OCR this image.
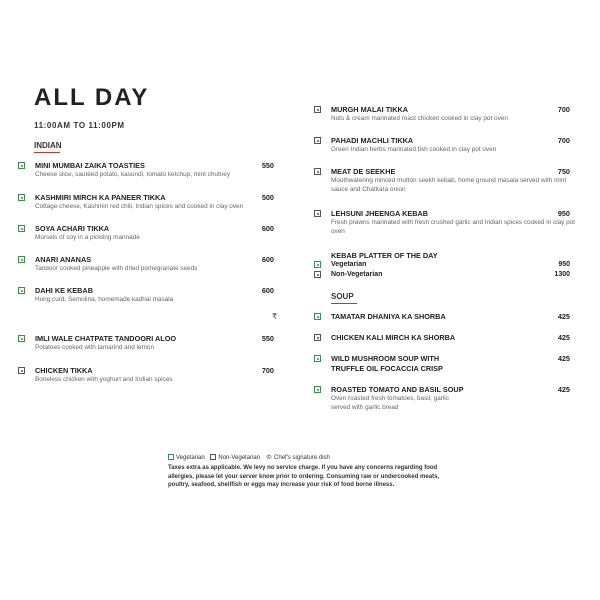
ALL DAY
11:00AM TO 11:00PM
INDIAN
MINI MUMBAI ZAIKA TOASTIES	550
Cheese slice, sautéed potato, kasundi, tomato ketchup, mint chutney
KASHMIRI MIRCH KA PANEER TIKKA	500
Cottage cheese, Kashmiri red chili, Indian spices and cooked in clay oven
SOYA ACHARI TIKKA	600
Morsels of soy in a pickling marinade
ANARI ANANAS	600
Tandoor cooked pineapple with dried pomegranate seeds
DAHI KE KEBAB	600
Hung curd, Semolina, homemade kadhai masala
₹
IMLI WALE CHATPATE TANDOORI ALOO	550
Potatoes cooked with tamarind and lemon
CHICKEN TIKKA	700
Boneless chicken with yoghurt and Indian spices
MURGH MALAI TIKKA	700
Nuts & cream marinated roast chicken cooked in clay pot oven
PAHADI MACHLI TIKKA	700
Green Indian herbs marinated fish cooked in clay pot oven
MEAT DE SEEKHE	750
Mouthwatering minced mutton seekh kebab, home ground masala served with mint sauce and Chatkara onion
LEHSUNI JHEENGA KEBAB	950
Fresh prawns marinated with fresh crushed garlic and Indian spices cooked in clay pot oven
KEBAB PLATTER OF THE DAY
Vegetarian	950
Non-Vegetarian	1300
SOUP
TAMATAR DHANIYA KA SHORBA	425
CHICKEN KALI MIRCH KA SHORBA	425
WILD MUSHROOM SOUP WITH
TRUFFLE OIL FOCACCIA CRISP
425
ROASTED TOMATO AND BASIL SOUP	425
Oven roasted fresh tomatoes, basil, garlic served with garlic bread
Vegetarian Non-Vegetarian ♔ Chef's signature dish
Taxes extra as applicable. We levy no service charge. If you have any concerns regarding food allergies, please let your server know prior to ordering. Consuming raw or undercooked meats, poultry, seafood, shellfish or eggs may increase your risk of food borne illness.
